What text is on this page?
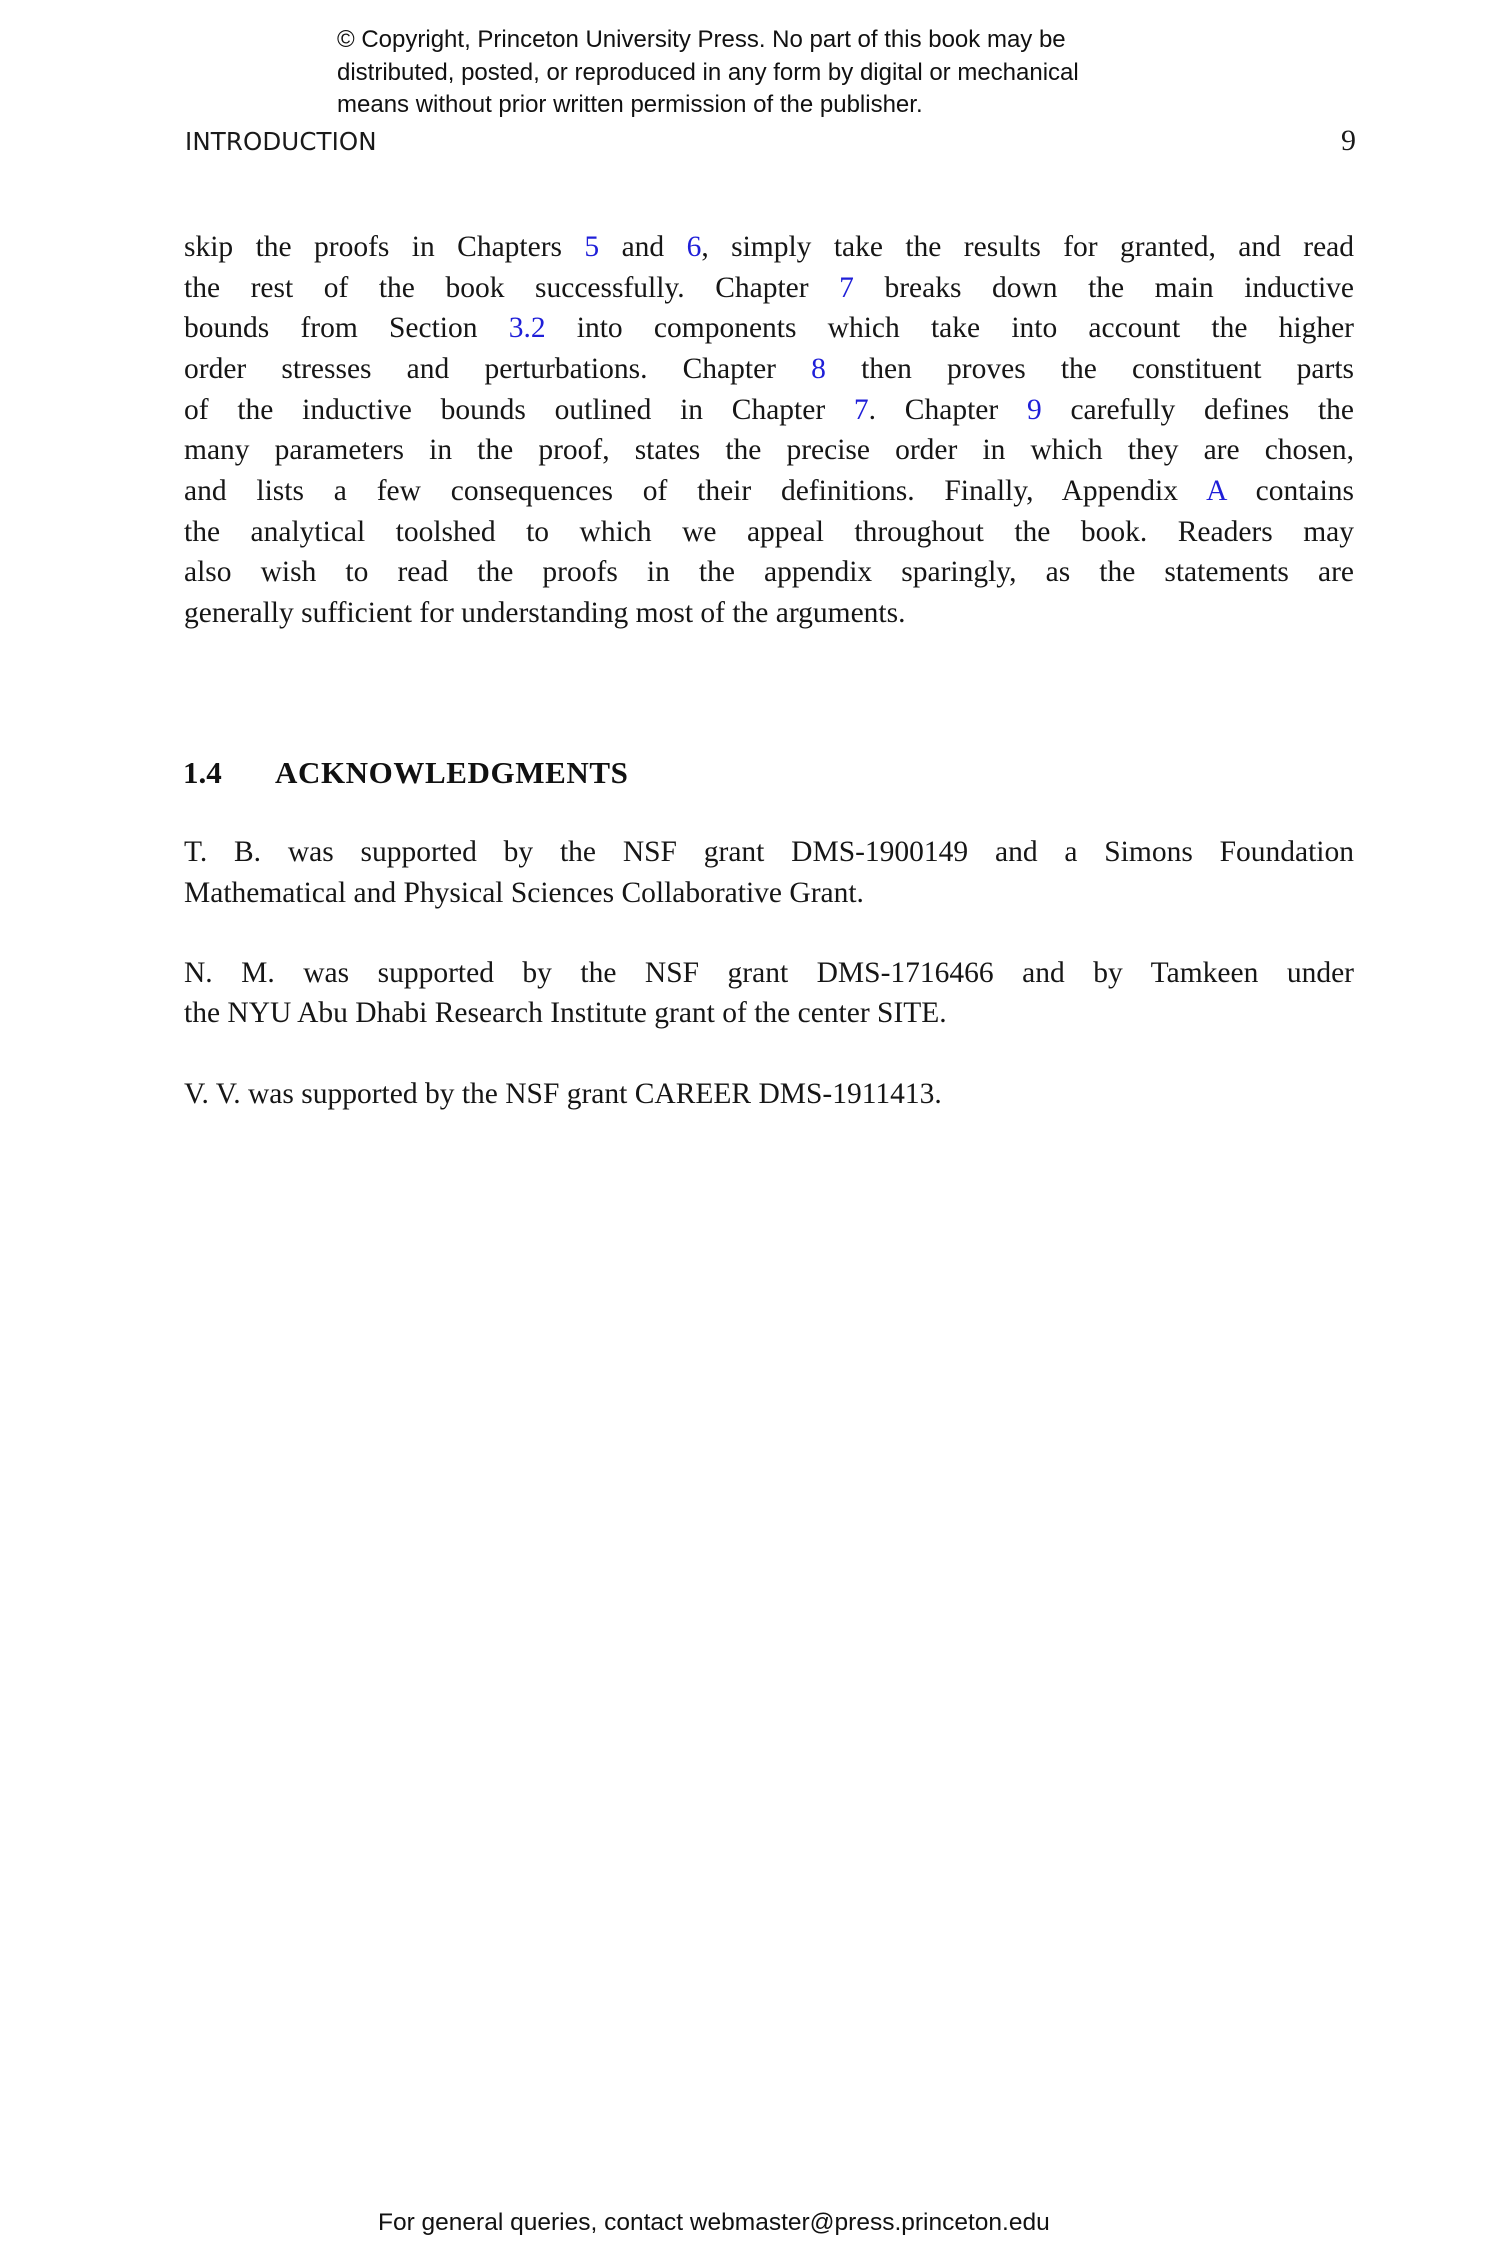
© Copyright, Princeton University Press. No part of this book may be
distributed, posted, or reproduced in any form by digital or mechanical
means without prior written permission of the publisher.
INTRODUCTION	9
skip the proofs in Chapters 5 and 6, simply take the results for granted, and read
the rest of the book successfully. Chapter 7 breaks down the main inductive
bounds from Section 3.2 into components which take into account the higher
order stresses and perturbations. Chapter 8 then proves the constituent parts
of the inductive bounds outlined in Chapter 7. Chapter 9 carefully defines the
many parameters in the proof, states the precise order in which they are chosen,
and lists a few consequences of their definitions. Finally, Appendix A contains
the analytical toolshed to which we appeal throughout the book. Readers may
also wish to read the proofs in the appendix sparingly, as the statements are
generally sufficient for understanding most of the arguments.
1.4 ACKNOWLEDGMENTS
T. B. was supported by the NSF grant DMS-1900149 and a Simons Foundation
Mathematical and Physical Sciences Collaborative Grant.
N. M. was supported by the NSF grant DMS-1716466 and by Tamkeen under
the NYU Abu Dhabi Research Institute grant of the center SITE.
V. V. was supported by the NSF grant CAREER DMS-1911413.
For general queries, contact webmaster@press.princeton.edu
